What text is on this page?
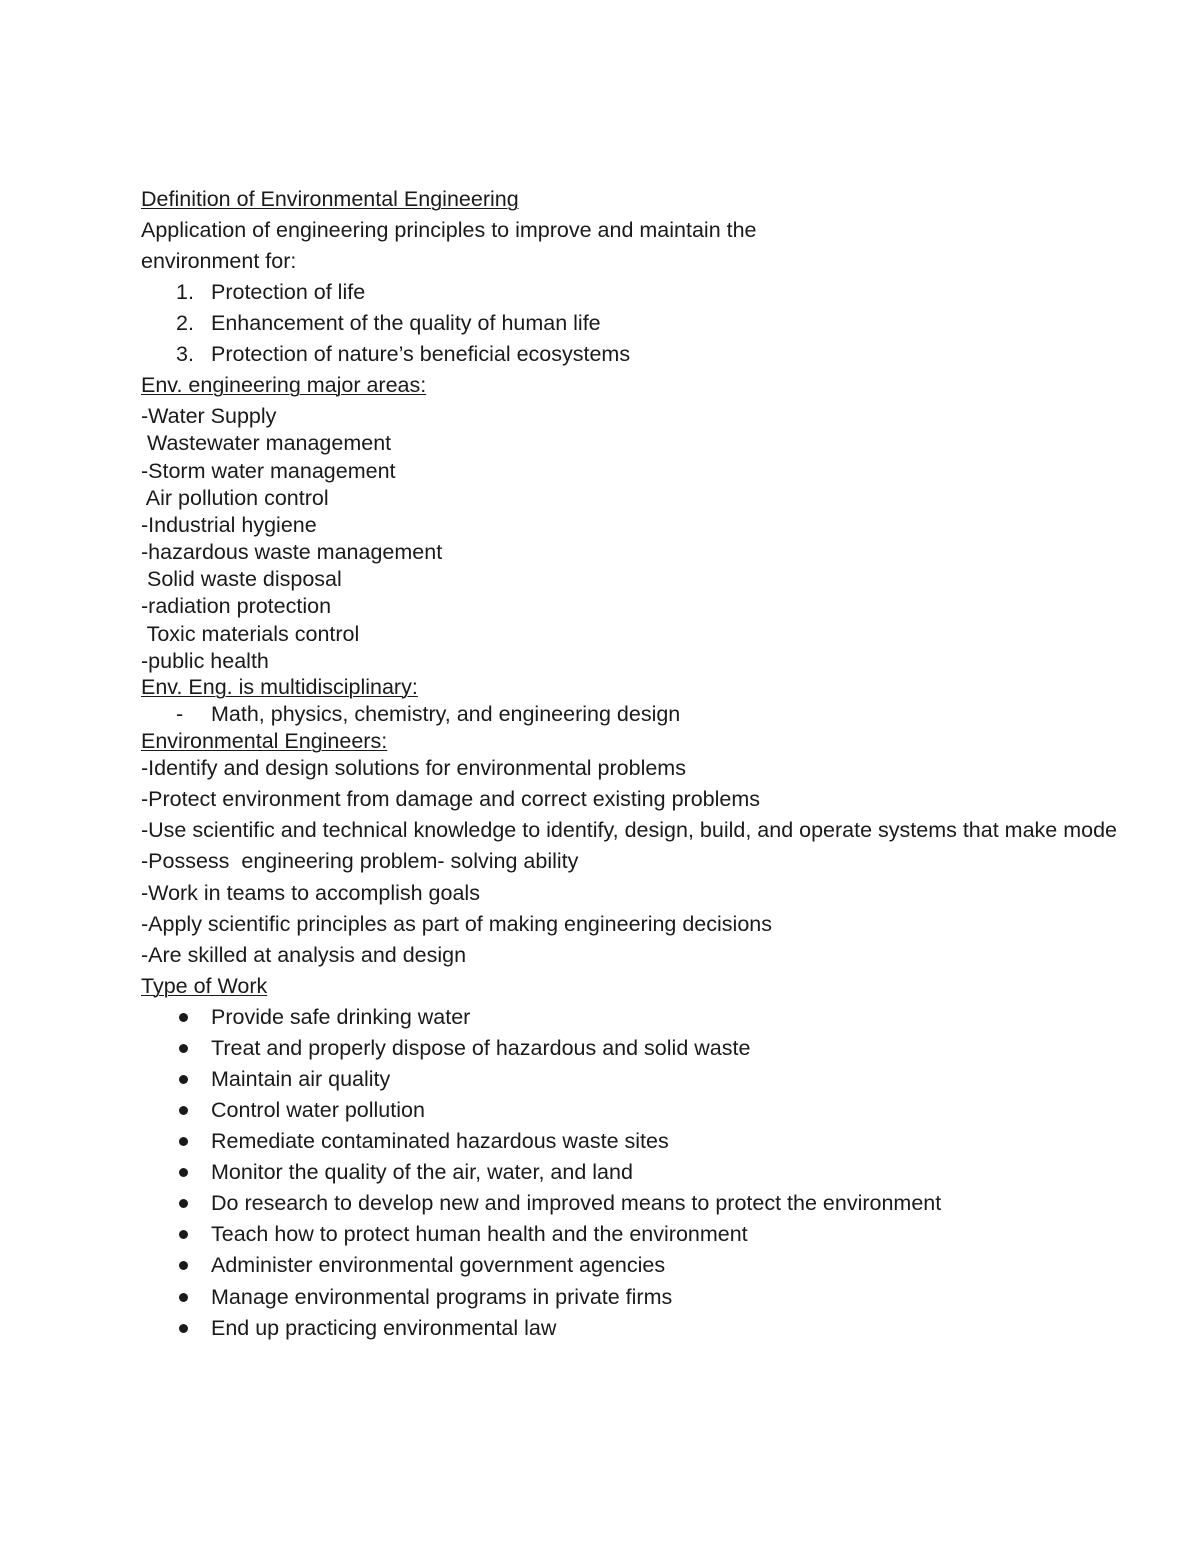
Definition of Environmental Engineering
Application of engineering principles to improve and maintain the
environment for:
1. Protection of life
2. Enhancement of the quality of human life
3. Protection of nature’s beneficial ecosystems
Env. engineering major areas:
-Water Supply
Wastewater management
-Storm water management
Air pollution control
-Industrial hygiene
-hazardous waste management
Solid waste disposal
-radiation protection
Toxic materials control
-public health
Env. Eng. is multidisciplinary:
- Math, physics, chemistry, and engineering design
Environmental Engineers:
-Identify and design solutions for environmental problems
-Protect environment from damage and correct existing problems
-Use scientific and technical knowledge to identify, design, build, and operate systems that make mode
-Possess  engineering problem- solving ability
-Work in teams to accomplish goals
-Apply scientific principles as part of making engineering decisions
-Are skilled at analysis and design
Type of Work
Provide safe drinking water
Treat and properly dispose of hazardous and solid waste
Maintain air quality
Control water pollution
Remediate contaminated hazardous waste sites
Monitor the quality of the air, water, and land
Do research to develop new and improved means to protect the environment
Teach how to protect human health and the environment
Administer environmental government agencies
Manage environmental programs in private firms
End up practicing environmental law
